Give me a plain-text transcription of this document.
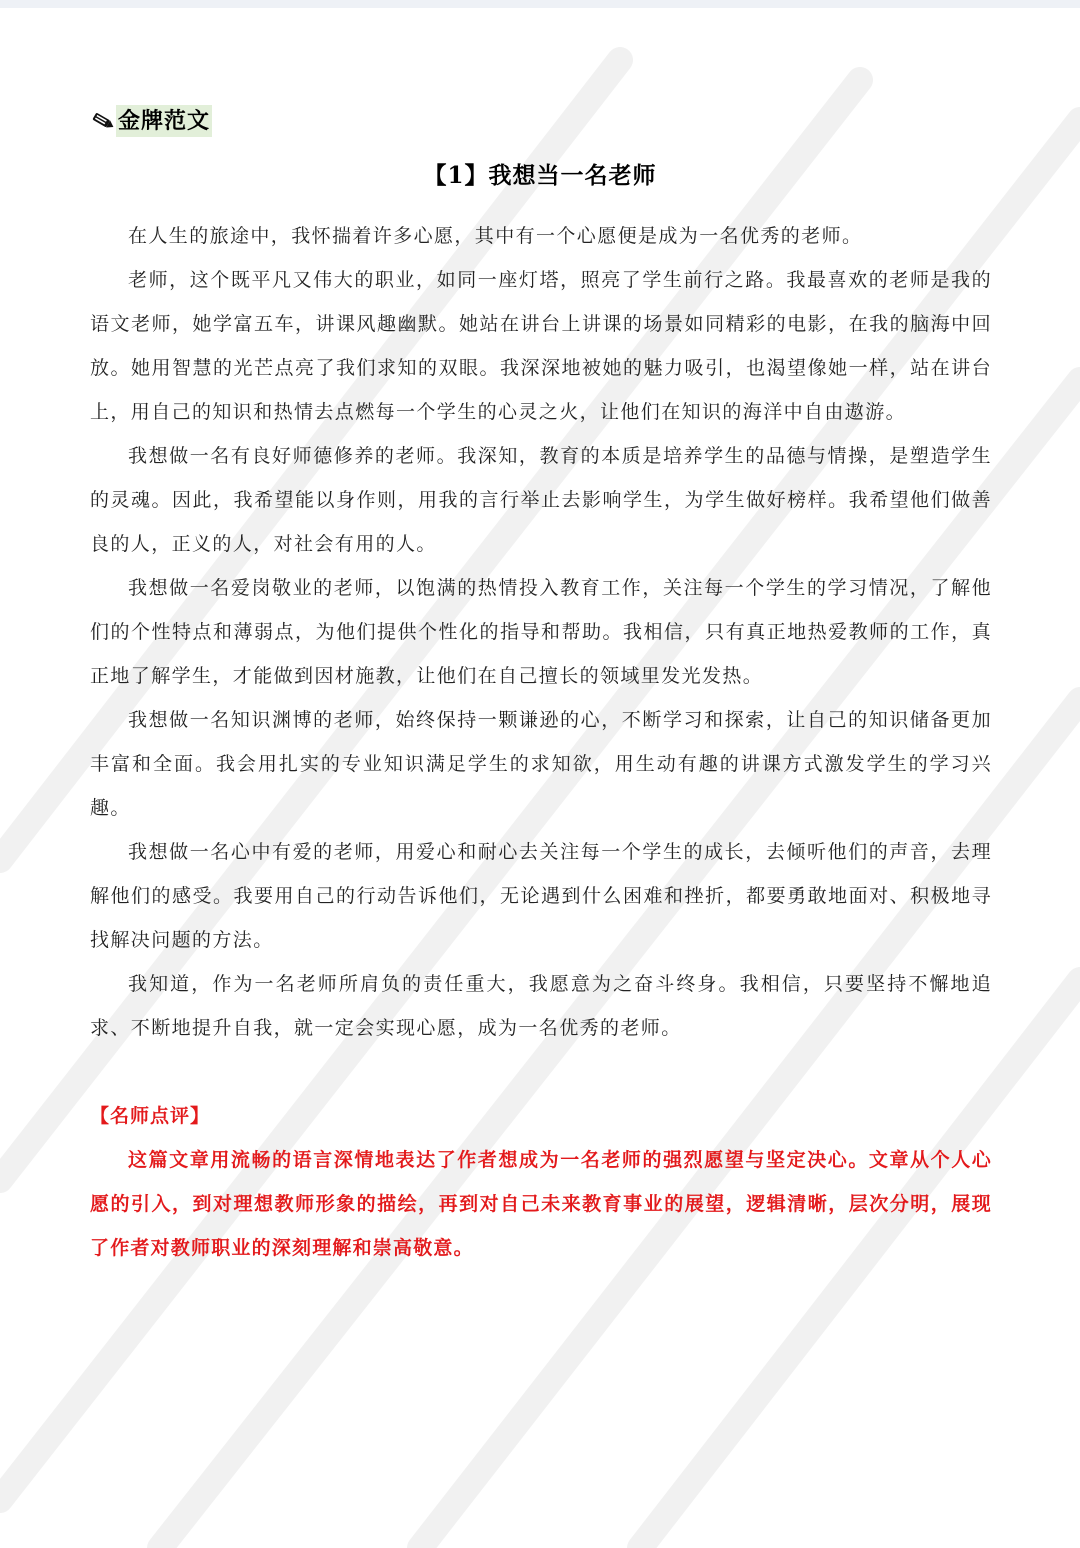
金牌范文
【1】我想当一名老师

在人生的旅途中，我怀揣着许多心愿，其中有一个心愿便是成为一名优秀的老师。

老师，这个既平凡又伟大的职业，如同一座灯塔，照亮了学生前行之路。我最喜欢的老师是我的语文老师，她学富五车，讲课风趣幽默。她站在讲台上讲课的场景如同精彩的电影，在我的脑海中回放。她用智慧的光芒点亮了我们求知的双眼。我深深地被她的魅力吸引，也渴望像她一样，站在讲台上，用自己的知识和热情去点燃每一个学生的心灵之火，让他们在知识的海洋中自由遨游。

我想做一名有良好师德修养的老师。我深知，教育的本质是培养学生的品德与情操，是塑造学生的灵魂。因此，我希望能以身作则，用我的言行举止去影响学生，为学生做好榜样。我希望他们做善良的人，正义的人，对社会有用的人。

我想做一名爱岗敬业的老师，以饱满的热情投入教育工作，关注每一个学生的学习情况，了解他们的个性特点和薄弱点，为他们提供个性化的指导和帮助。我相信，只有真正地热爱教师的工作，真正地了解学生，才能做到因材施教，让他们在自己擅长的领域里发光发热。

我想做一名知识渊博的老师，始终保持一颗谦逊的心，不断学习和探索，让自己的知识储备更加丰富和全面。我会用扎实的专业知识满足学生的求知欲，用生动有趣的讲课方式激发学生的学习兴趣。

我想做一名心中有爱的老师，用爱心和耐心去关注每一个学生的成长，去倾听他们的声音，去理解他们的感受。我要用自己的行动告诉他们，无论遇到什么困难和挫折，都要勇敢地面对、积极地寻找解决问题的方法。

我知道，作为一名老师所肩负的责任重大，我愿意为之奋斗终身。我相信，只要坚持不懈地追求、不断地提升自我，就一定会实现心愿，成为一名优秀的老师。

【名师点评】

这篇文章用流畅的语言深情地表达了作者想成为一名老师的强烈愿望与坚定决心。文章从个人心愿的引入，到对理想教师形象的描绘，再到对自己未来教育事业的展望，逻辑清晰，层次分明，展现了作者对教师职业的深刻理解和崇高敬意。
